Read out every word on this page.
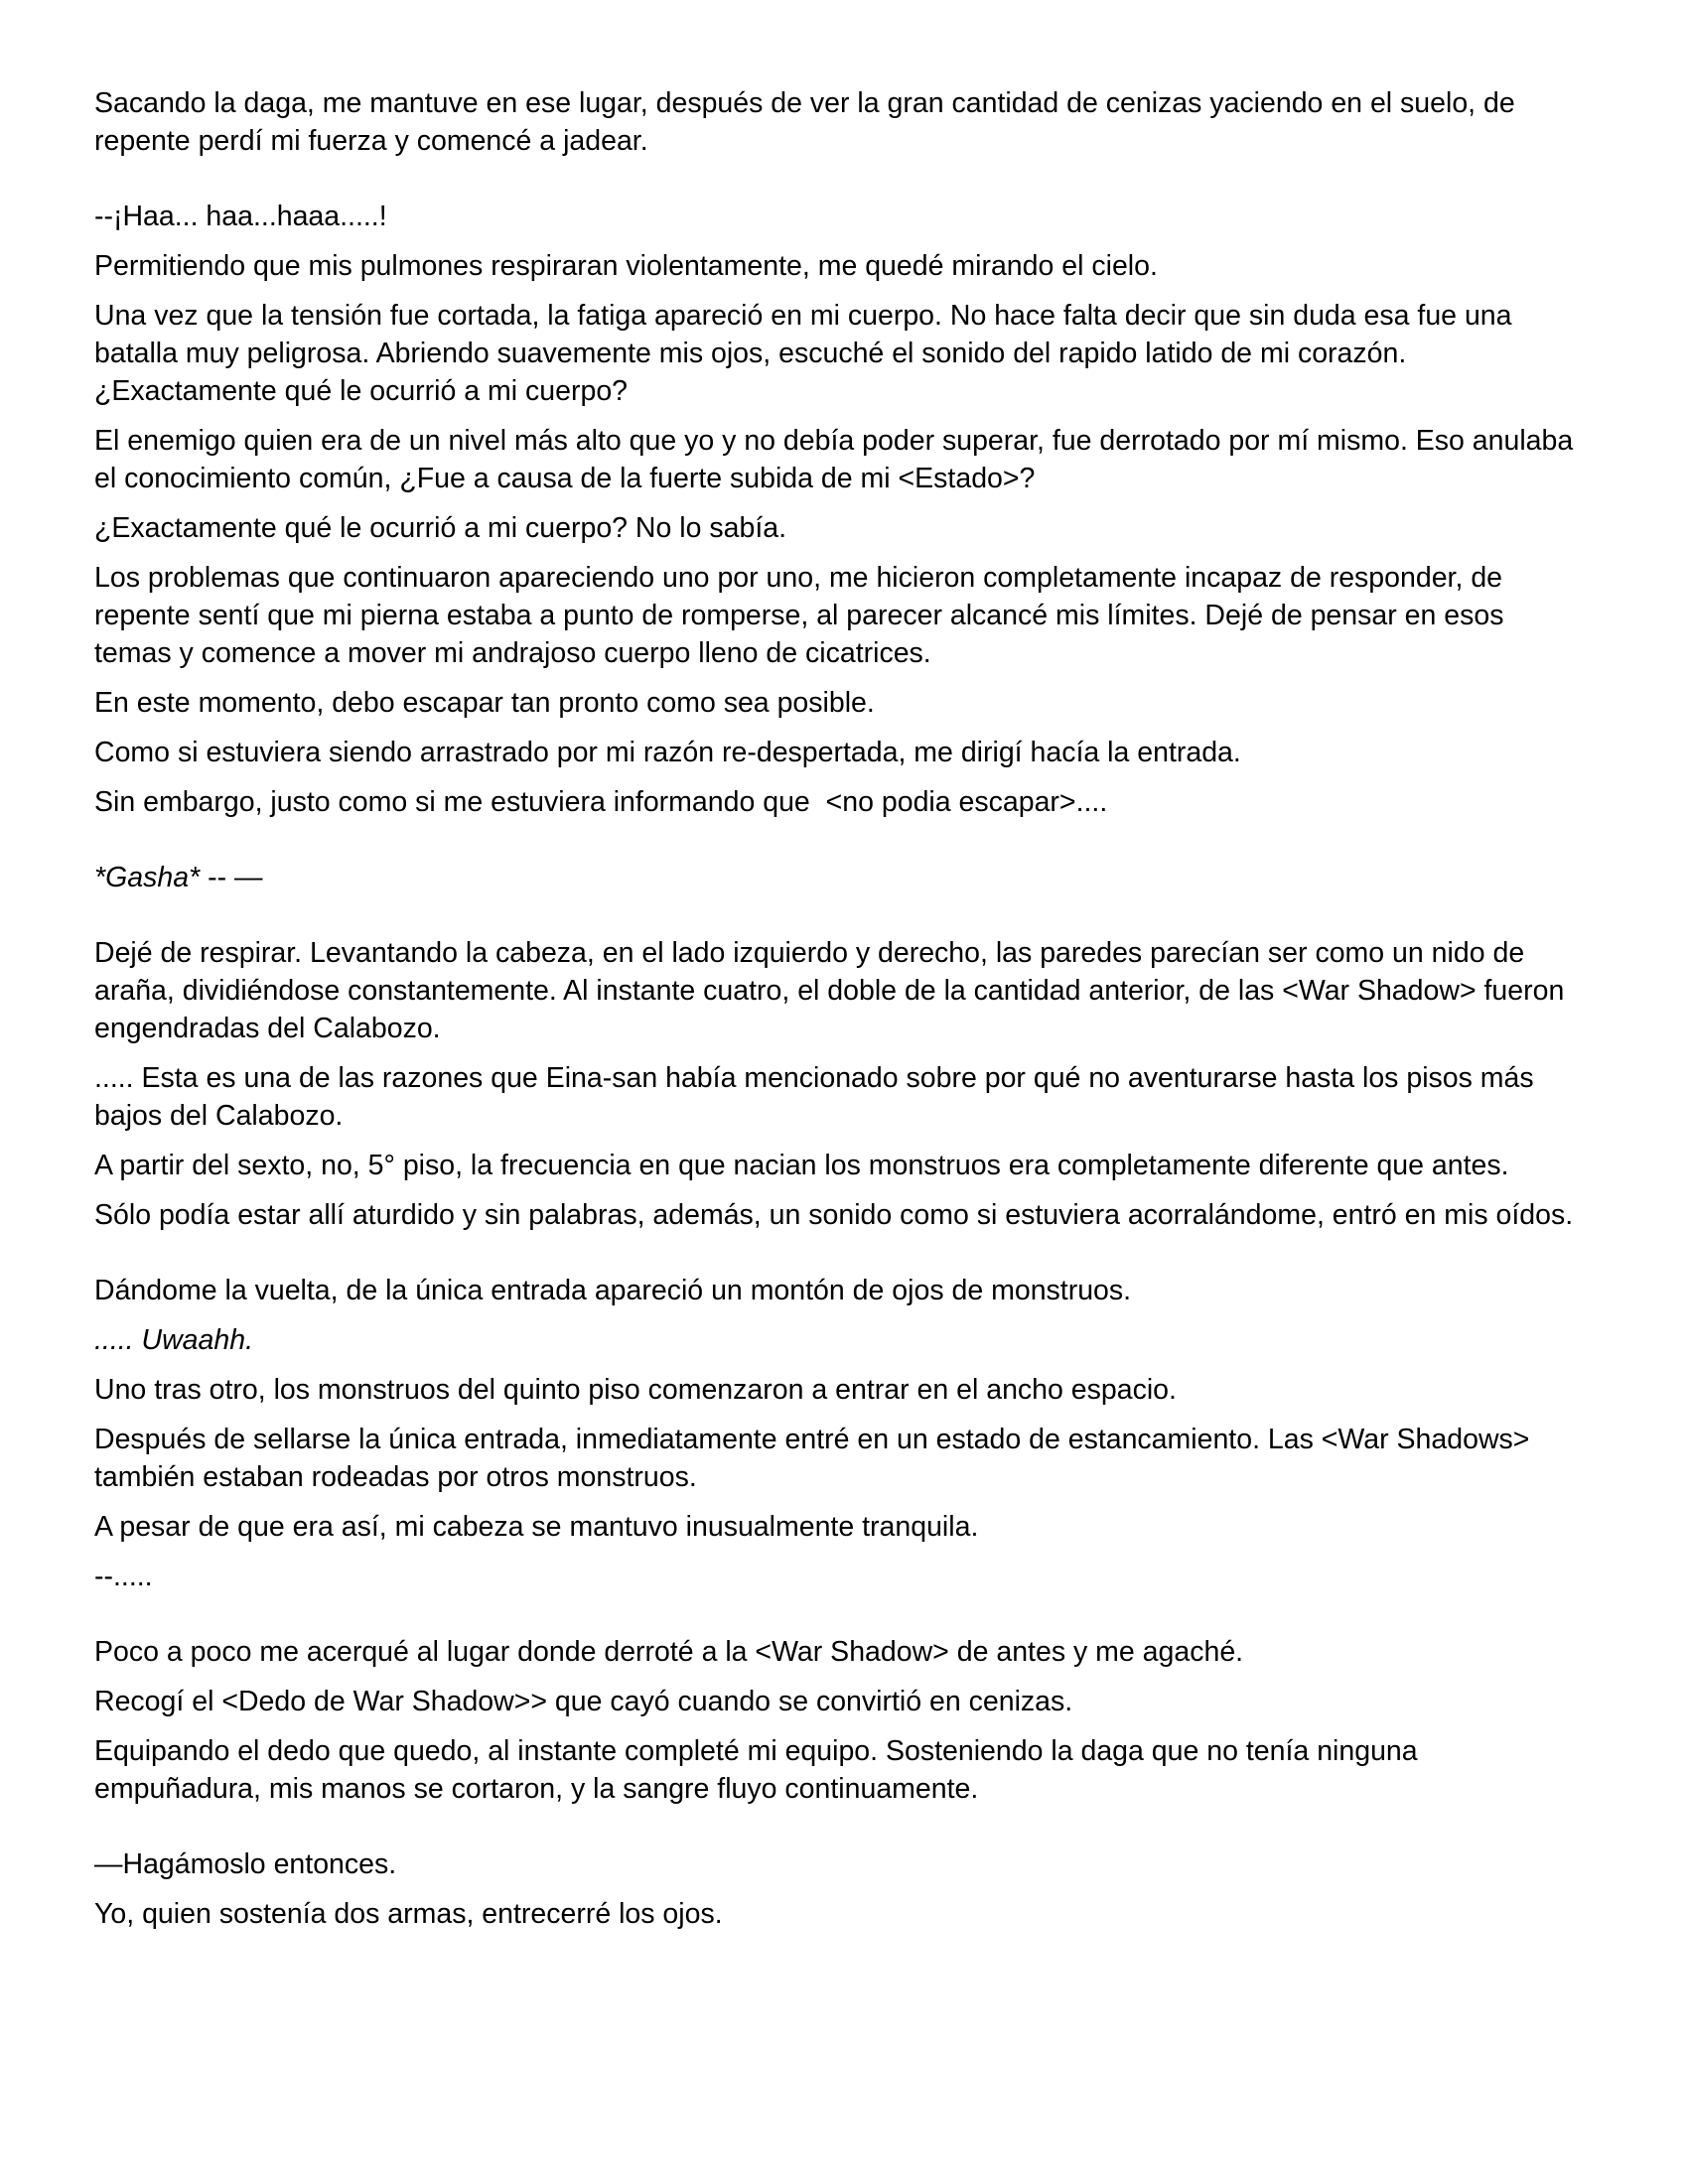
Sacando la daga, me mantuve en ese lugar, después de ver la gran cantidad de cenizas yaciendo en el suelo, de repente perdí mi fuerza y comencé a jadear.

--¡Haa... haa...haaa.....!

Permitiendo que mis pulmones respiraran violentamente, me quedé mirando el cielo.

Una vez que la tensión fue cortada, la fatiga apareció en mi cuerpo. No hace falta decir que sin duda esa fue una batalla muy peligrosa. Abriendo suavemente mis ojos, escuché el sonido del rapido latido de mi corazón. ¿Exactamente qué le ocurrió a mi cuerpo?

El enemigo quien era de un nivel más alto que yo y no debía poder superar, fue derrotado por mí mismo. Eso anulaba el conocimiento común, ¿Fue a causa de la fuerte subida de mi <Estado>?

¿Exactamente qué le ocurrió a mi cuerpo? No lo sabía.

Los problemas que continuaron apareciendo uno por uno, me hicieron completamente incapaz de responder, de repente sentí que mi pierna estaba a punto de romperse, al parecer alcancé mis límites. Dejé de pensar en esos temas y comence a mover mi andrajoso cuerpo lleno de cicatrices.

En este momento, debo escapar tan pronto como sea posible.

Como si estuviera siendo arrastrado por mi razón re-despertada, me dirigí hacía la entrada.

Sin embargo, justo como si me estuviera informando que  <no podia escapar>....

*Gasha* -- —

Dejé de respirar. Levantando la cabeza, en el lado izquierdo y derecho, las paredes parecían ser como un nido de araña, dividiéndose constantemente. Al instante cuatro, el doble de la cantidad anterior, de las <War Shadow> fueron engendradas del Calabozo.

..... Esta es una de las razones que Eina-san había mencionado sobre por qué no aventurarse hasta los pisos más bajos del Calabozo.

A partir del sexto, no, 5° piso, la frecuencia en que nacian los monstruos era completamente diferente que antes.

Sólo podía estar allí aturdido y sin palabras, además, un sonido como si estuviera acorralándome, entró en mis oídos.

Dándome la vuelta, de la única entrada apareció un montón de ojos de monstruos.

..... Uwaahh.

Uno tras otro, los monstruos del quinto piso comenzaron a entrar en el ancho espacio.

Después de sellarse la única entrada, inmediatamente entré en un estado de estancamiento. Las <War Shadows> también estaban rodeadas por otros monstruos.

A pesar de que era así, mi cabeza se mantuvo inusualmente tranquila.

--.....

Poco a poco me acerqué al lugar donde derroté a la <War Shadow> de antes y me agaché.

Recogí el <Dedo de War Shadow>> que cayó cuando se convirtió en cenizas.

Equipando el dedo que quedo, al instante completé mi equipo. Sosteniendo la daga que no tenía ninguna empuñadura, mis manos se cortaron, y la sangre fluyo continuamente.

—Hagámoslo entonces.

Yo, quien sostenía dos armas, entrecerré los ojos.
